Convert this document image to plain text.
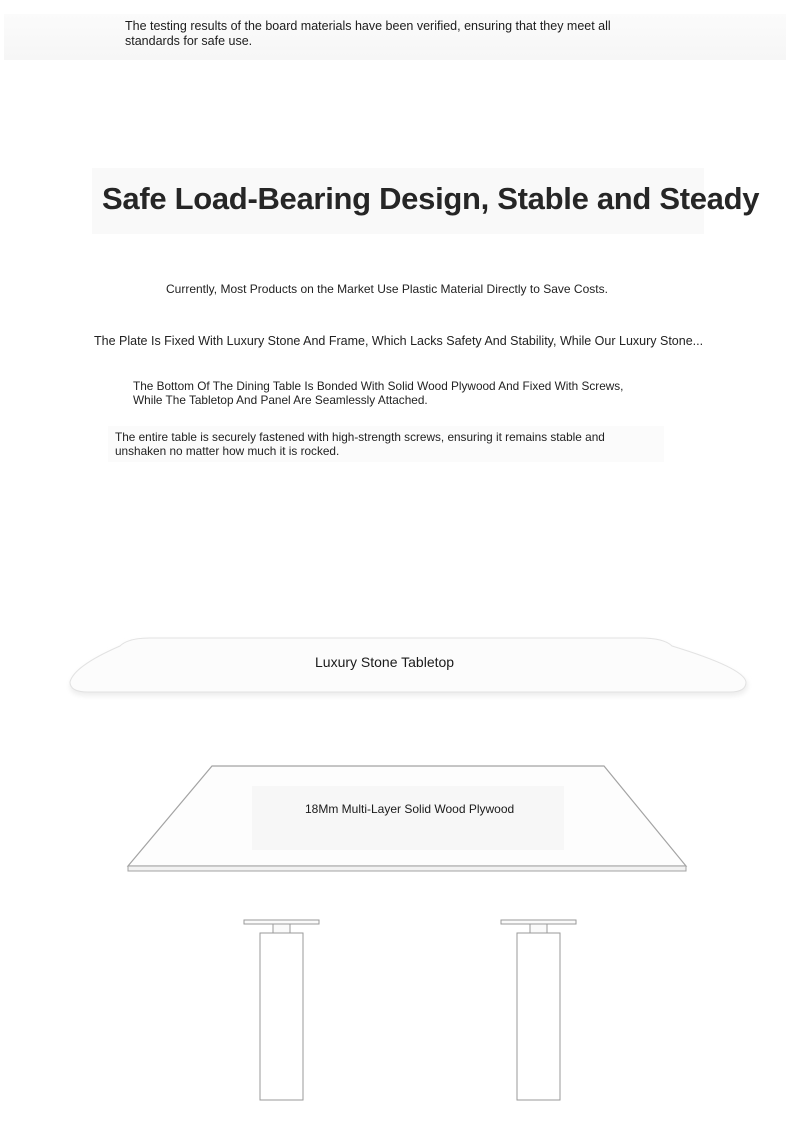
The testing results of the board materials have been verified, ensuring that they meet all standards for safe use.
Safe Load-Bearing Design, Stable and Steady
Currently, Most Products on the Market Use Plastic Material Directly to Save Costs.
The Plate Is Fixed With Luxury Stone And Frame, Which Lacks Safety And Stability, While Our Luxury Stone...
The Bottom Of The Dining Table Is Bonded With Solid Wood Plywood And Fixed With Screws, While The Tabletop And Panel Are Seamlessly Attached.
The entire table is securely fastened with high-strength screws, ensuring it remains stable and unshaken no matter how much it is rocked.
Luxury Stone Tabletop
18Mm Multi-Layer Solid Wood Plywood
